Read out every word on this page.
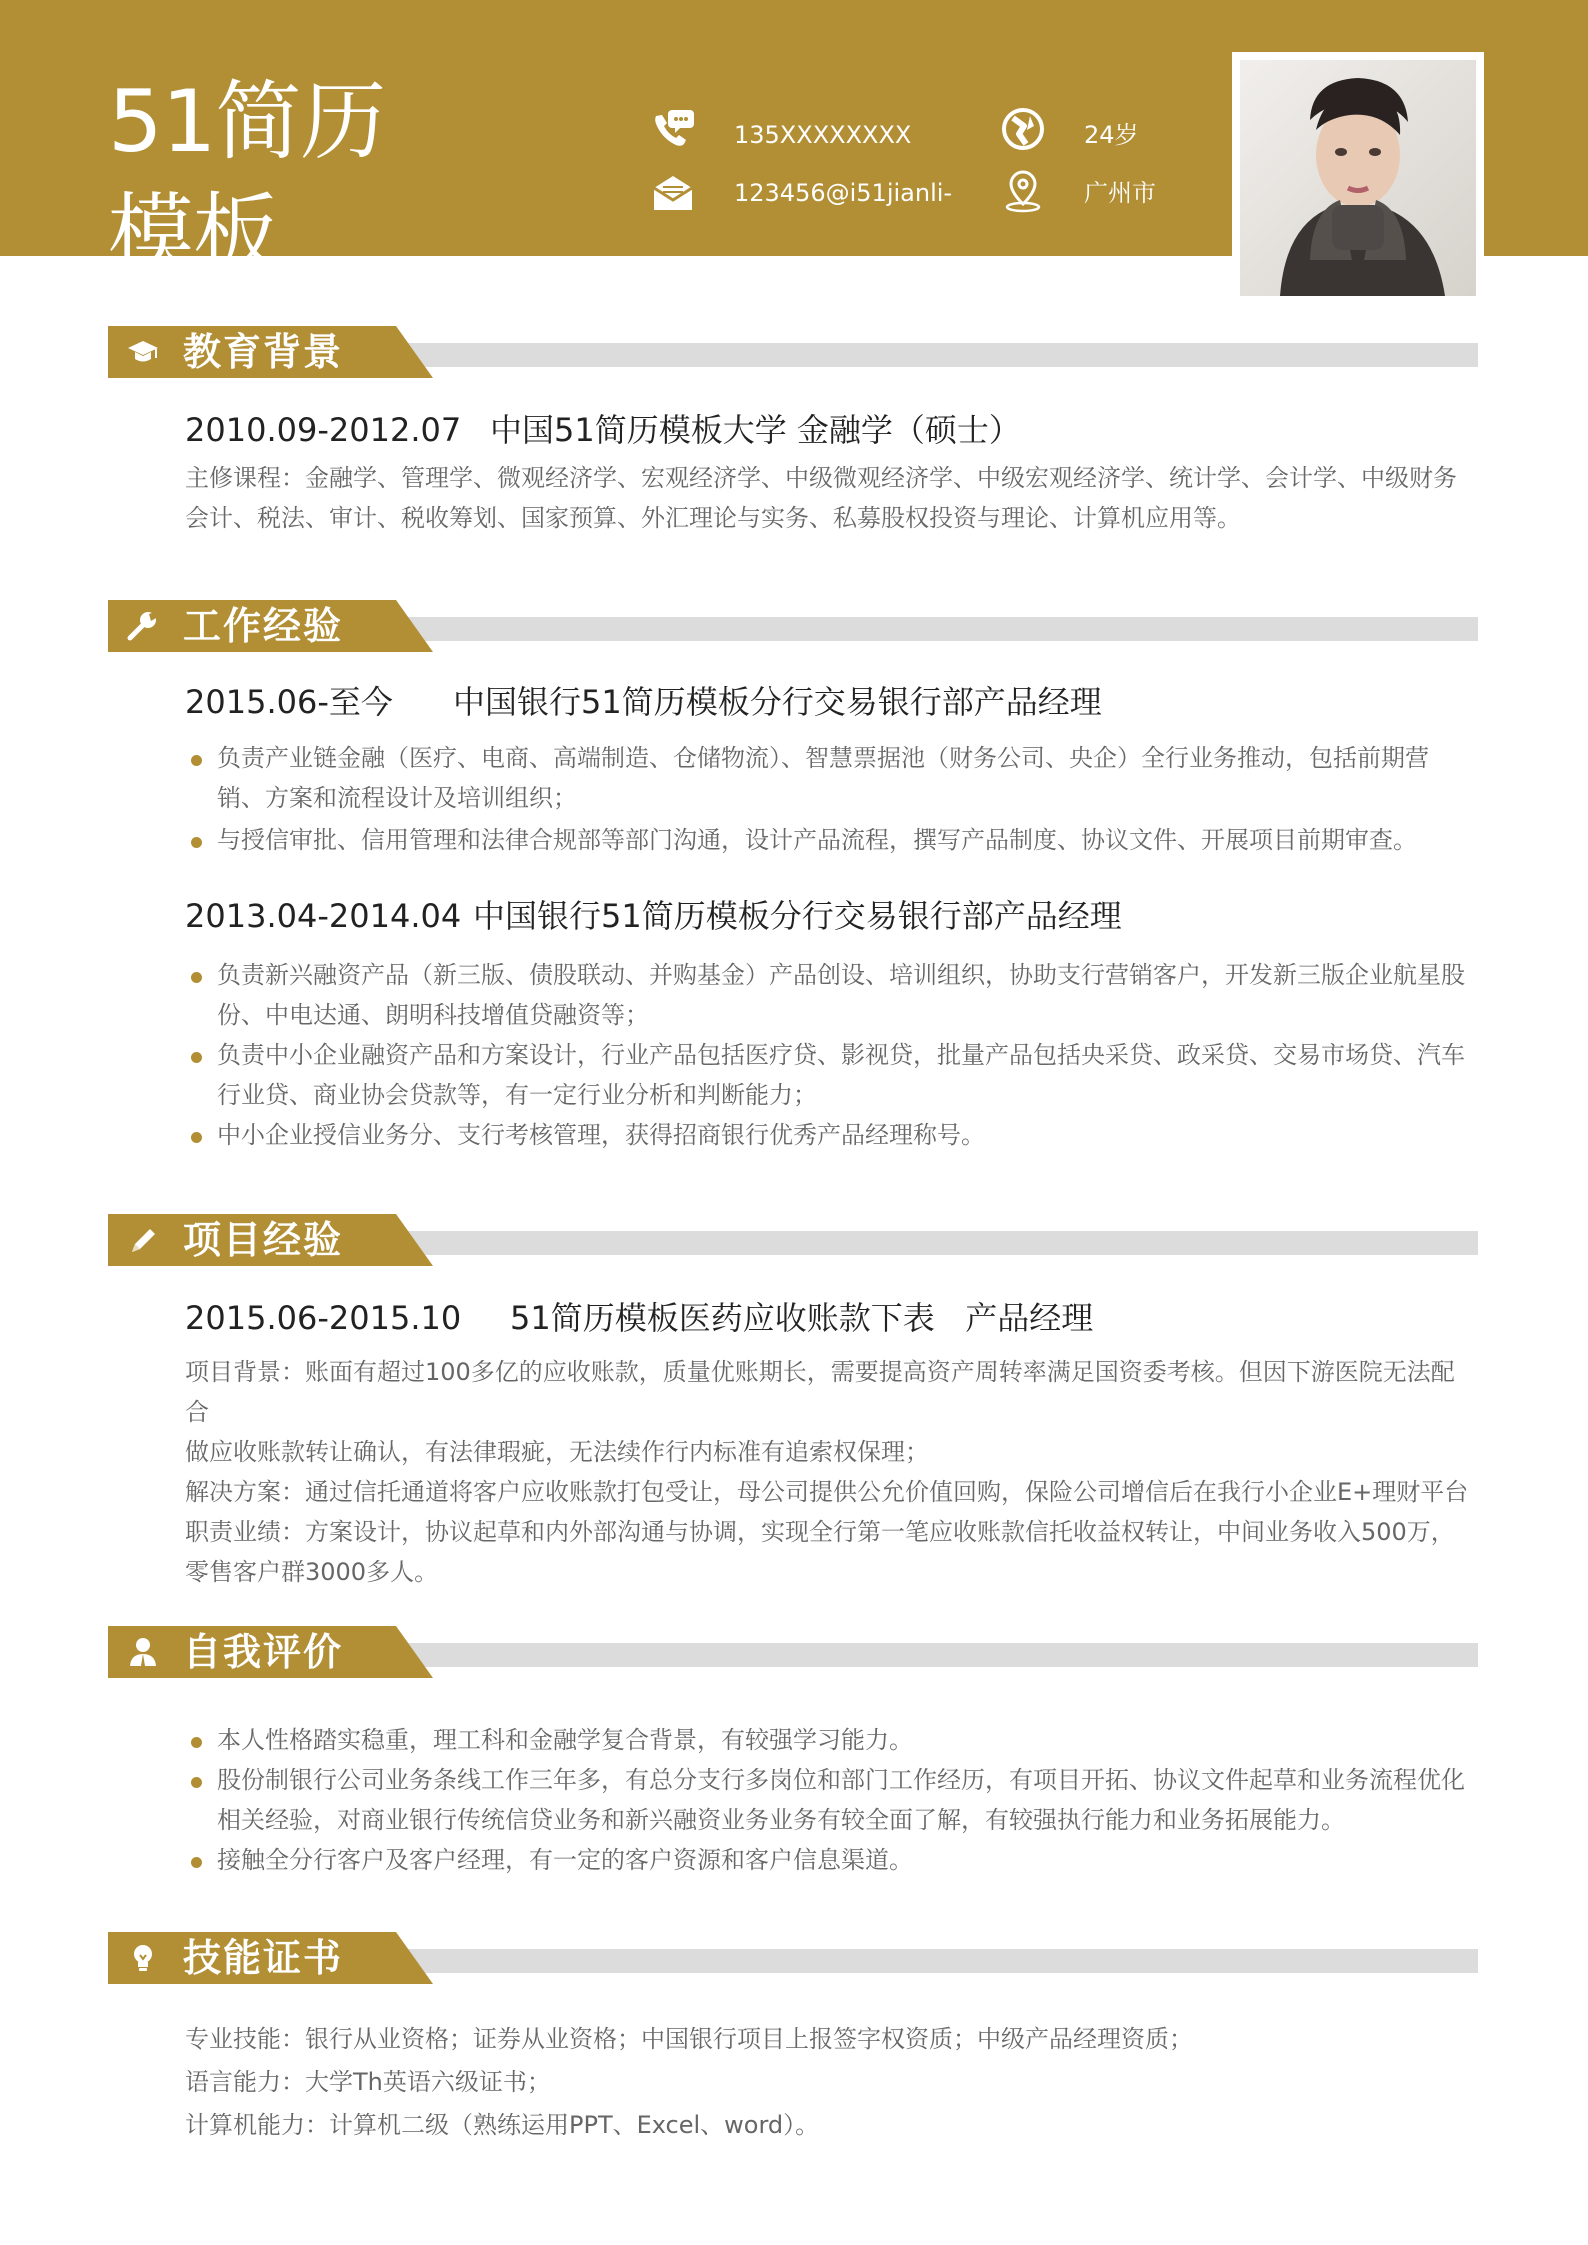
51简历模板
135XXXXXXXX
123456@i51jianli-
24岁
广州市
教育背景
2010.09-2012.07 中国51简历模板大学 金融学（硕士）
主修课程：金融学、管理学、微观经济学、宏观经济学、中级微观经济学、中级宏观经济学、统计学、会计学、中级财务会计、税法、审计、税收筹划、国家预算、外汇理论与实务、私募股权投资与理论、计算机应用等。
工作经验
2015.06-至今 中国银行51简历模板分行交易银行部产品经理
负责产业链金融（医疗、电商、高端制造、仓储物流）、智慧票据池（财务公司、央企）全行业务推动，包括前期营销、方案和流程设计及培训组织；
与授信审批、信用管理和法律合规部等部门沟通，设计产品流程，撰写产品制度、协议文件、开展项目前期审查。
2013.04-2014.04 中国银行51简历模板分行交易银行部产品经理
负责新兴融资产品（新三版、债股联动、并购基金）产品创设、培训组织，协助支行营销客户，开发新三版企业航星股份、中电达通、朗明科技增值贷融资等；
负责中小企业融资产品和方案设计，行业产品包括医疗贷、影视贷，批量产品包括央采贷、政采贷、交易市场贷、汽车行业贷、商业协会贷款等，有一定行业分析和判断能力；
中小企业授信业务分、支行考核管理，获得招商银行优秀产品经理称号。
项目经验
2015.06-2015.10 51简历模板医药应收账款下表   产品经理
项目背景：账面有超过100多亿的应收账款，质量优账期长，需要提高资产周转率满足国资委考核。但因下游医院无法配合
做应收账款转让确认，有法律瑕疵，无法续作行内标准有追索权保理；
解决方案：通过信托通道将客户应收账款打包受让，母公司提供公允价值回购，保险公司增信后在我行小企业E+理财平台
职责业绩：方案设计，协议起草和内外部沟通与协调，实现全行第一笔应收账款信托收益权转让，中间业务收入500万，
零售客户群3000多人。
自我评价
本人性格踏实稳重，理工科和金融学复合背景，有较强学习能力。
股份制银行公司业务条线工作三年多，有总分支行多岗位和部门工作经历，有项目开拓、协议文件起草和业务流程优化相关经验，对商业银行传统信贷业务和新兴融资业务业务有较全面了解，有较强执行能力和业务拓展能力。
接触全分行客户及客户经理，有一定的客户资源和客户信息渠道。
技能证书
专业技能：银行从业资格；证券从业资格；中国银行项目上报签字权资质；中级产品经理资质；
语言能力：大学Th英语六级证书；
计算机能力：计算机二级（熟练运用PPT、Excel、word）。
